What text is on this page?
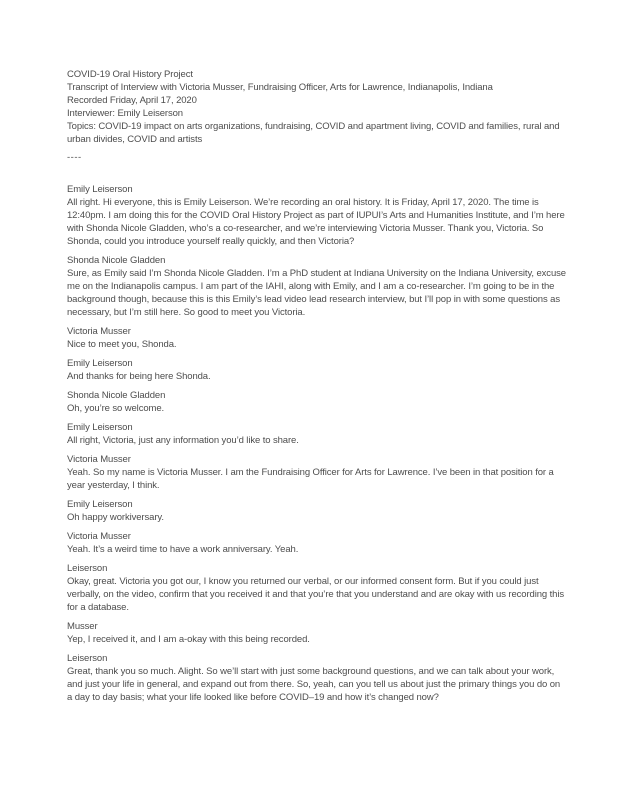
COVID-19 Oral History Project
Transcript of Interview with Victoria Musser, Fundraising Officer, Arts for Lawrence, Indianapolis, Indiana
Recorded Friday, April 17, 2020
Interviewer: Emily Leiserson
Topics: COVID-19 impact on arts organizations, fundraising, COVID and apartment living, COVID and families, rural and urban divides, COVID and artists
----
Emily Leiserson
All right. Hi everyone, this is Emily Leiserson. We’re recording an oral history. It is Friday, April 17, 2020. The time is 12:40pm. I am doing this for the COVID Oral History Project as part of IUPUI’s Arts and Humanities Institute, and I’m here with Shonda Nicole Gladden, who’s a co-researcher, and we’re interviewing Victoria Musser. Thank you, Victoria. So Shonda, could you introduce yourself really quickly, and then Victoria?
Shonda Nicole Gladden
Sure, as Emily said I’m Shonda Nicole Gladden. I’m a PhD student at Indiana University on the Indiana University, excuse me on the Indianapolis campus. I am part of the IAHI, along with Emily, and I am a co-researcher. I’m going to be in the background though, because this is this Emily’s lead video lead research interview, but I’ll pop in with some questions as necessary, but I’m still here. So good to meet you Victoria.
Victoria Musser
Nice to meet you, Shonda.
Emily Leiserson
And thanks for being here Shonda.
Shonda Nicole Gladden
Oh, you’re so welcome.
Emily Leiserson
All right, Victoria, just any information you’d like to share.
Victoria Musser
Yeah. So my name is Victoria Musser. I am the Fundraising Officer for Arts for Lawrence. I’ve been in that position for a year yesterday, I think.
Emily Leiserson
Oh happy workiversary.
Victoria Musser
Yeah. It’s a weird time to have a work anniversary. Yeah.
Leiserson
Okay, great. Victoria you got our, I know you returned our verbal, or our informed consent form. But if you could just verbally, on the video, confirm that you received it and that you’re that you understand and are okay with us recording this for a database.
Musser
Yep, I received it, and I am a-okay with this being recorded.
Leiserson
Great, thank you so much. Alight. So we’ll start with just some background questions, and we can talk about your work, and just your life in general, and expand out from there. So, yeah, can you tell us about just the primary things you do on a day to day basis; what your life looked like before COVID–19 and how it’s changed now?
